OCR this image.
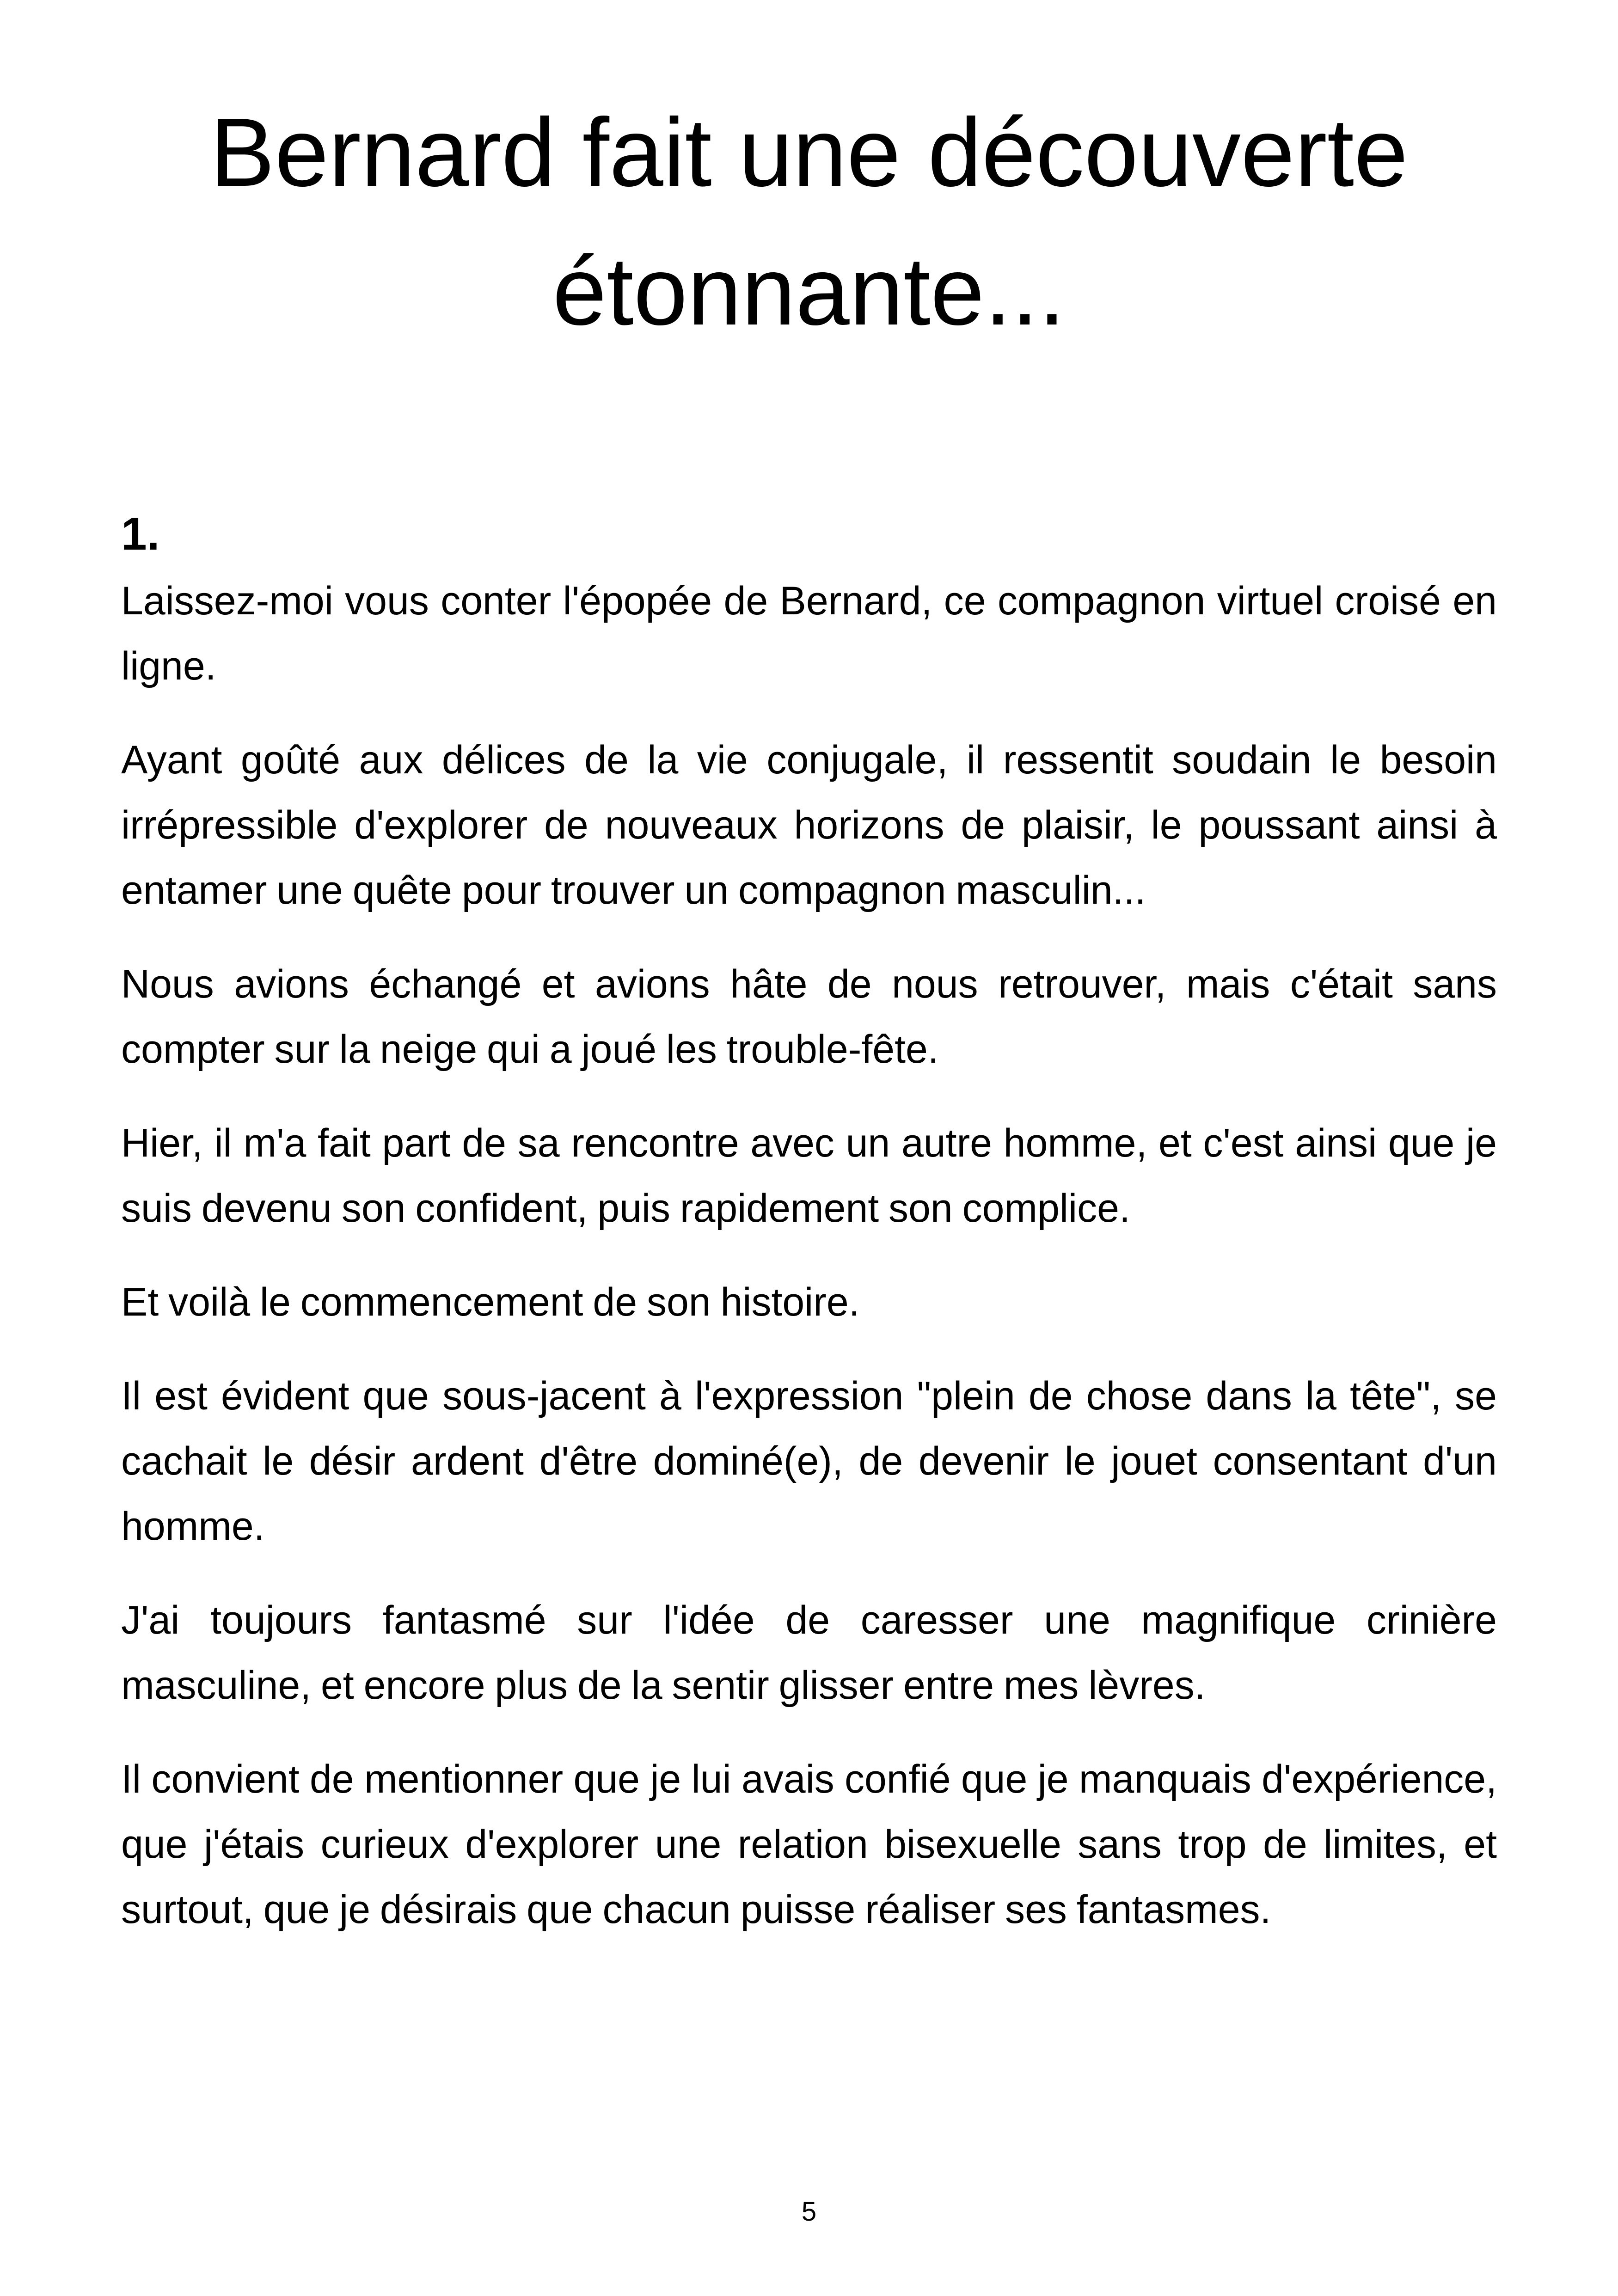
Bernard fait une découverte étonnante...
1.

Laissez-moi vous conter l'épopée de Bernard, ce compagnon virtuel croisé en ligne.

Ayant goûté aux délices de la vie conjugale, il ressentit soudain le besoin irrépressible d'explorer de nouveaux horizons de plaisir, le poussant ainsi à entamer une quête pour trouver un compagnon masculin...

Nous avions échangé et avions hâte de nous retrouver, mais c'était sans compter sur la neige qui a joué les trouble-fête.

Hier, il m'a fait part de sa rencontre avec un autre homme, et c'est ainsi que je suis devenu son confident, puis rapidement son complice.

Et voilà le commencement de son histoire.

Il est évident que sous-jacent à l'expression "plein de chose dans la tête", se cachait le désir ardent d'être dominé(e), de devenir le jouet consentant d'un homme.

J'ai toujours fantasmé sur l'idée de caresser une magnifique crinière masculine, et encore plus de la sentir glisser entre mes lèvres.

Il convient de mentionner que je lui avais confié que je manquais d'expérience, que j'étais curieux d'explorer une relation bisexuelle sans trop de limites, et surtout, que je désirais que chacun puisse réaliser ses fantasmes.

5
